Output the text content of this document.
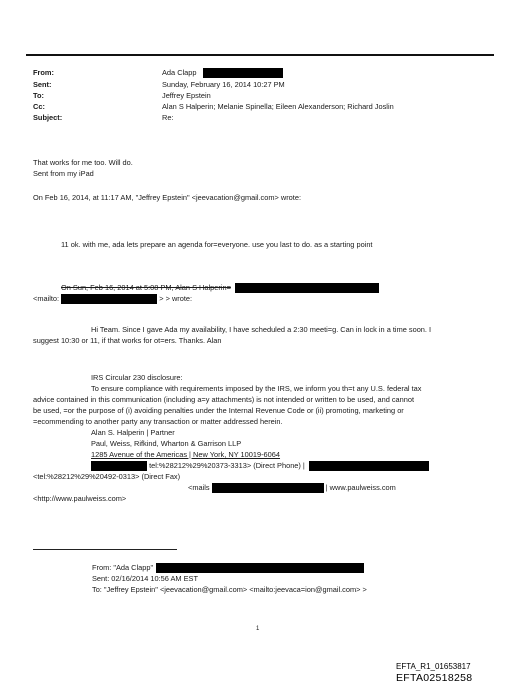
From:
Sent:
To:
Cc:
Subject:
Ada Clapp
Sunday, February 16, 2014 10:27 PM
Jeffrey Epstein
Alan S Halperin; Melanie Spinella; Eileen Alexanderson; Richard Joslin
Re:
That works for me too. Will do.
Sent from my iPad
On Feb 16, 2014, at 11:17 AM, "Jeffrey Epstein" <jeevacation@gmail.com> wrote:
11 ok. with me, ada lets prepare an agenda for=everyone. use you last to do. as a starting point
On Sun, Feb 16, 2014 at 5:08 PM, Alan S Halperin=
<mailto:	> > wrote:
Hi Team. Since I gave Ada my availability, I have scheduled a 2:30 meeti=g. Can in lock in a time soon. I
suggest 10:30 or 11, if that works for ot=ers. Thanks. Alan
IRS Circular 230 disclosure:
To ensure compliance with requirements imposed by the IRS, we inform you th=t any U.S. federal tax
advice contained in this communication (including a=y attachments) is not intended or written to be used, and cannot
be used, =or the purpose of (i) avoiding penalties under the Internal Revenue Code or (ii) promoting, marketing or
=ecommending to another party any transaction or matter addressed herein.
Alan S. Halperin | Partner
Paul, Weiss, Rifkind, Wharton & Garrison LLP
1285 Avenue of the Americas | New York, NY 10019-6064
tel:%28212%29%20373-3313> (Direct Phone) |
<tel:%28212%29%20492-0313> (Direct Fax)
<mails	| www.paulweiss.com
<http://www.paulweiss.com>
From: "Ada Clapp"
Sent: 02/16/2014 10:56 AM EST
To: "Jeffrey Epstein" <jeevacation@gmail.com> <mailto:jeevaca=ion@gmail.com> >
1
EFTA_R1_01653817
EFTA02518258
